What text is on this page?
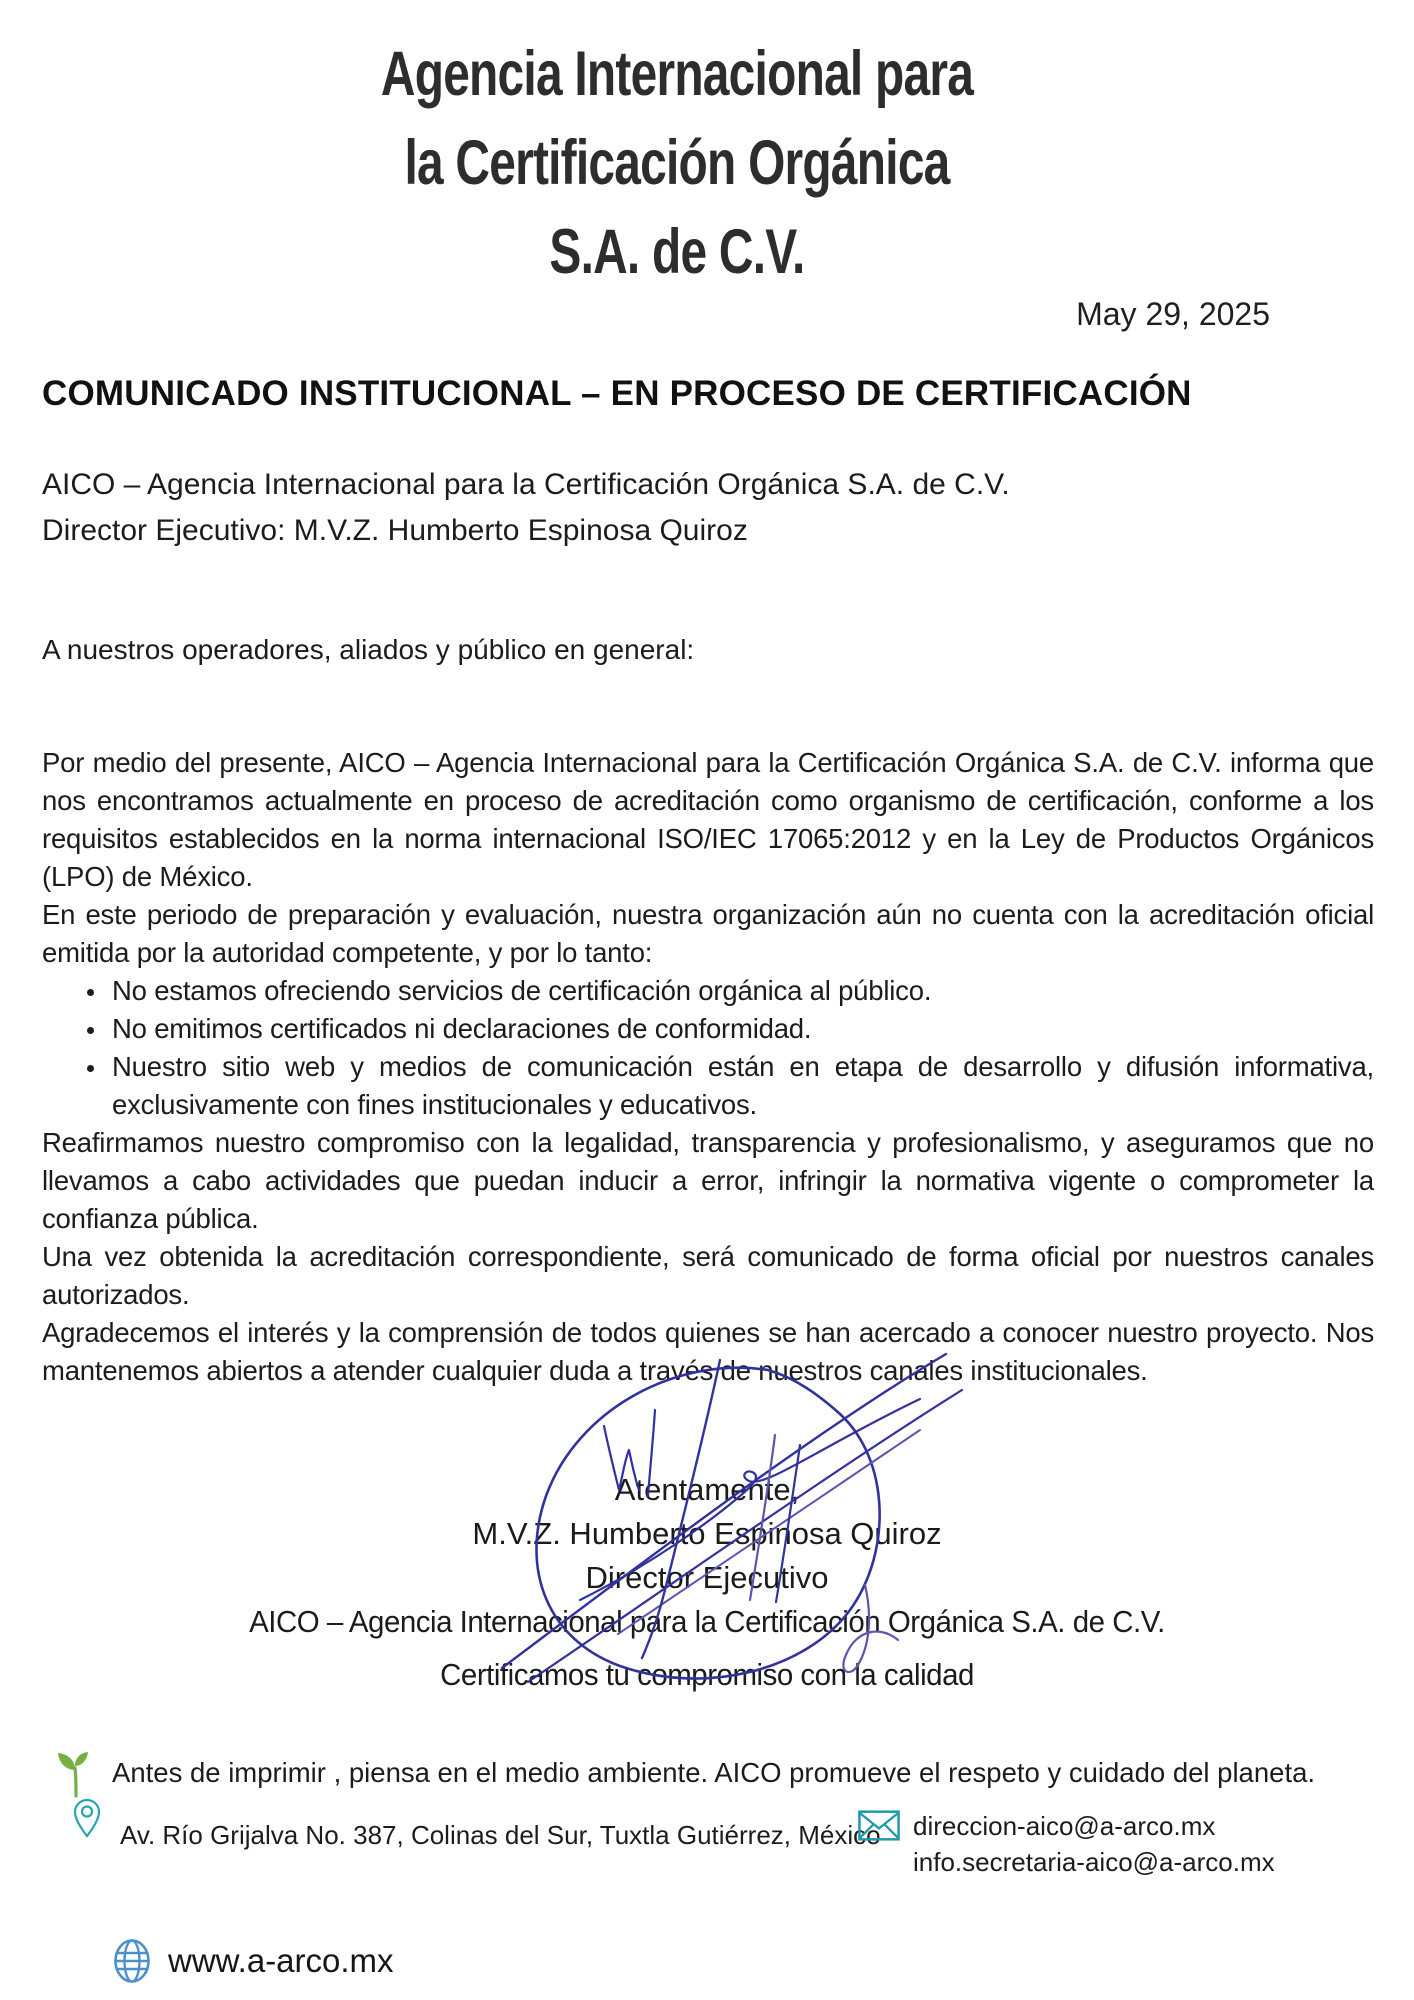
Agencia Internacional para
la Certificación Orgánica
S.A. de C.V.
May 29, 2025
COMUNICADO INSTITUCIONAL – EN PROCESO DE CERTIFICACIÓN
AICO – Agencia Internacional para la Certificación Orgánica S.A. de C.V.
Director Ejecutivo: M.V.Z. Humberto Espinosa Quiroz
A nuestros operadores, aliados y público en general:

Por medio del presente, AICO – Agencia Internacional para la Certificación Orgánica S.A. de C.V. informa que nos encontramos actualmente en proceso de acreditación como organismo de certificación, conforme a los requisitos establecidos en la norma internacional ISO/IEC 17065:2012 y en la Ley de Productos Orgánicos (LPO) de México.

En este periodo de preparación y evaluación, nuestra organización aún no cuenta con la acreditación oficial emitida por la autoridad competente, y por lo tanto:

• No estamos ofreciendo servicios de certificación orgánica al público.
• No emitimos certificados ni declaraciones de conformidad.
• Nuestro sitio web y medios de comunicación están en etapa de desarrollo y difusión informativa, exclusivamente con fines institucionales y educativos.

Reafirmamos nuestro compromiso con la legalidad, transparencia y profesionalismo, y aseguramos que no llevamos a cabo actividades que puedan inducir a error, infringir la normativa vigente o comprometer la confianza pública.

Una vez obtenida la acreditación correspondiente, será comunicado de forma oficial por nuestros canales autorizados.

Agradecemos el interés y la comprensión de todos quienes se han acercado a conocer nuestro proyecto. Nos mantenemos abiertos a atender cualquier duda a través de nuestros canales institucionales.

Atentamente,
M.V.Z. Humberto Espinosa Quiroz
Director Ejecutivo
AICO – Agencia Internacional para la Certificación Orgánica S.A. de C.V.
Certificamos tu compromiso con la calidad
Antes de imprimir , piensa en el medio ambiente. AICO promueve el respeto y cuidado del planeta.
Av. Río Grijalva No. 387, Colinas del Sur, Tuxtla Gutiérrez, México direccion-aico@a-arco.mx
info.secretaria-aico@a-arco.mx
www.a-arco.mx
